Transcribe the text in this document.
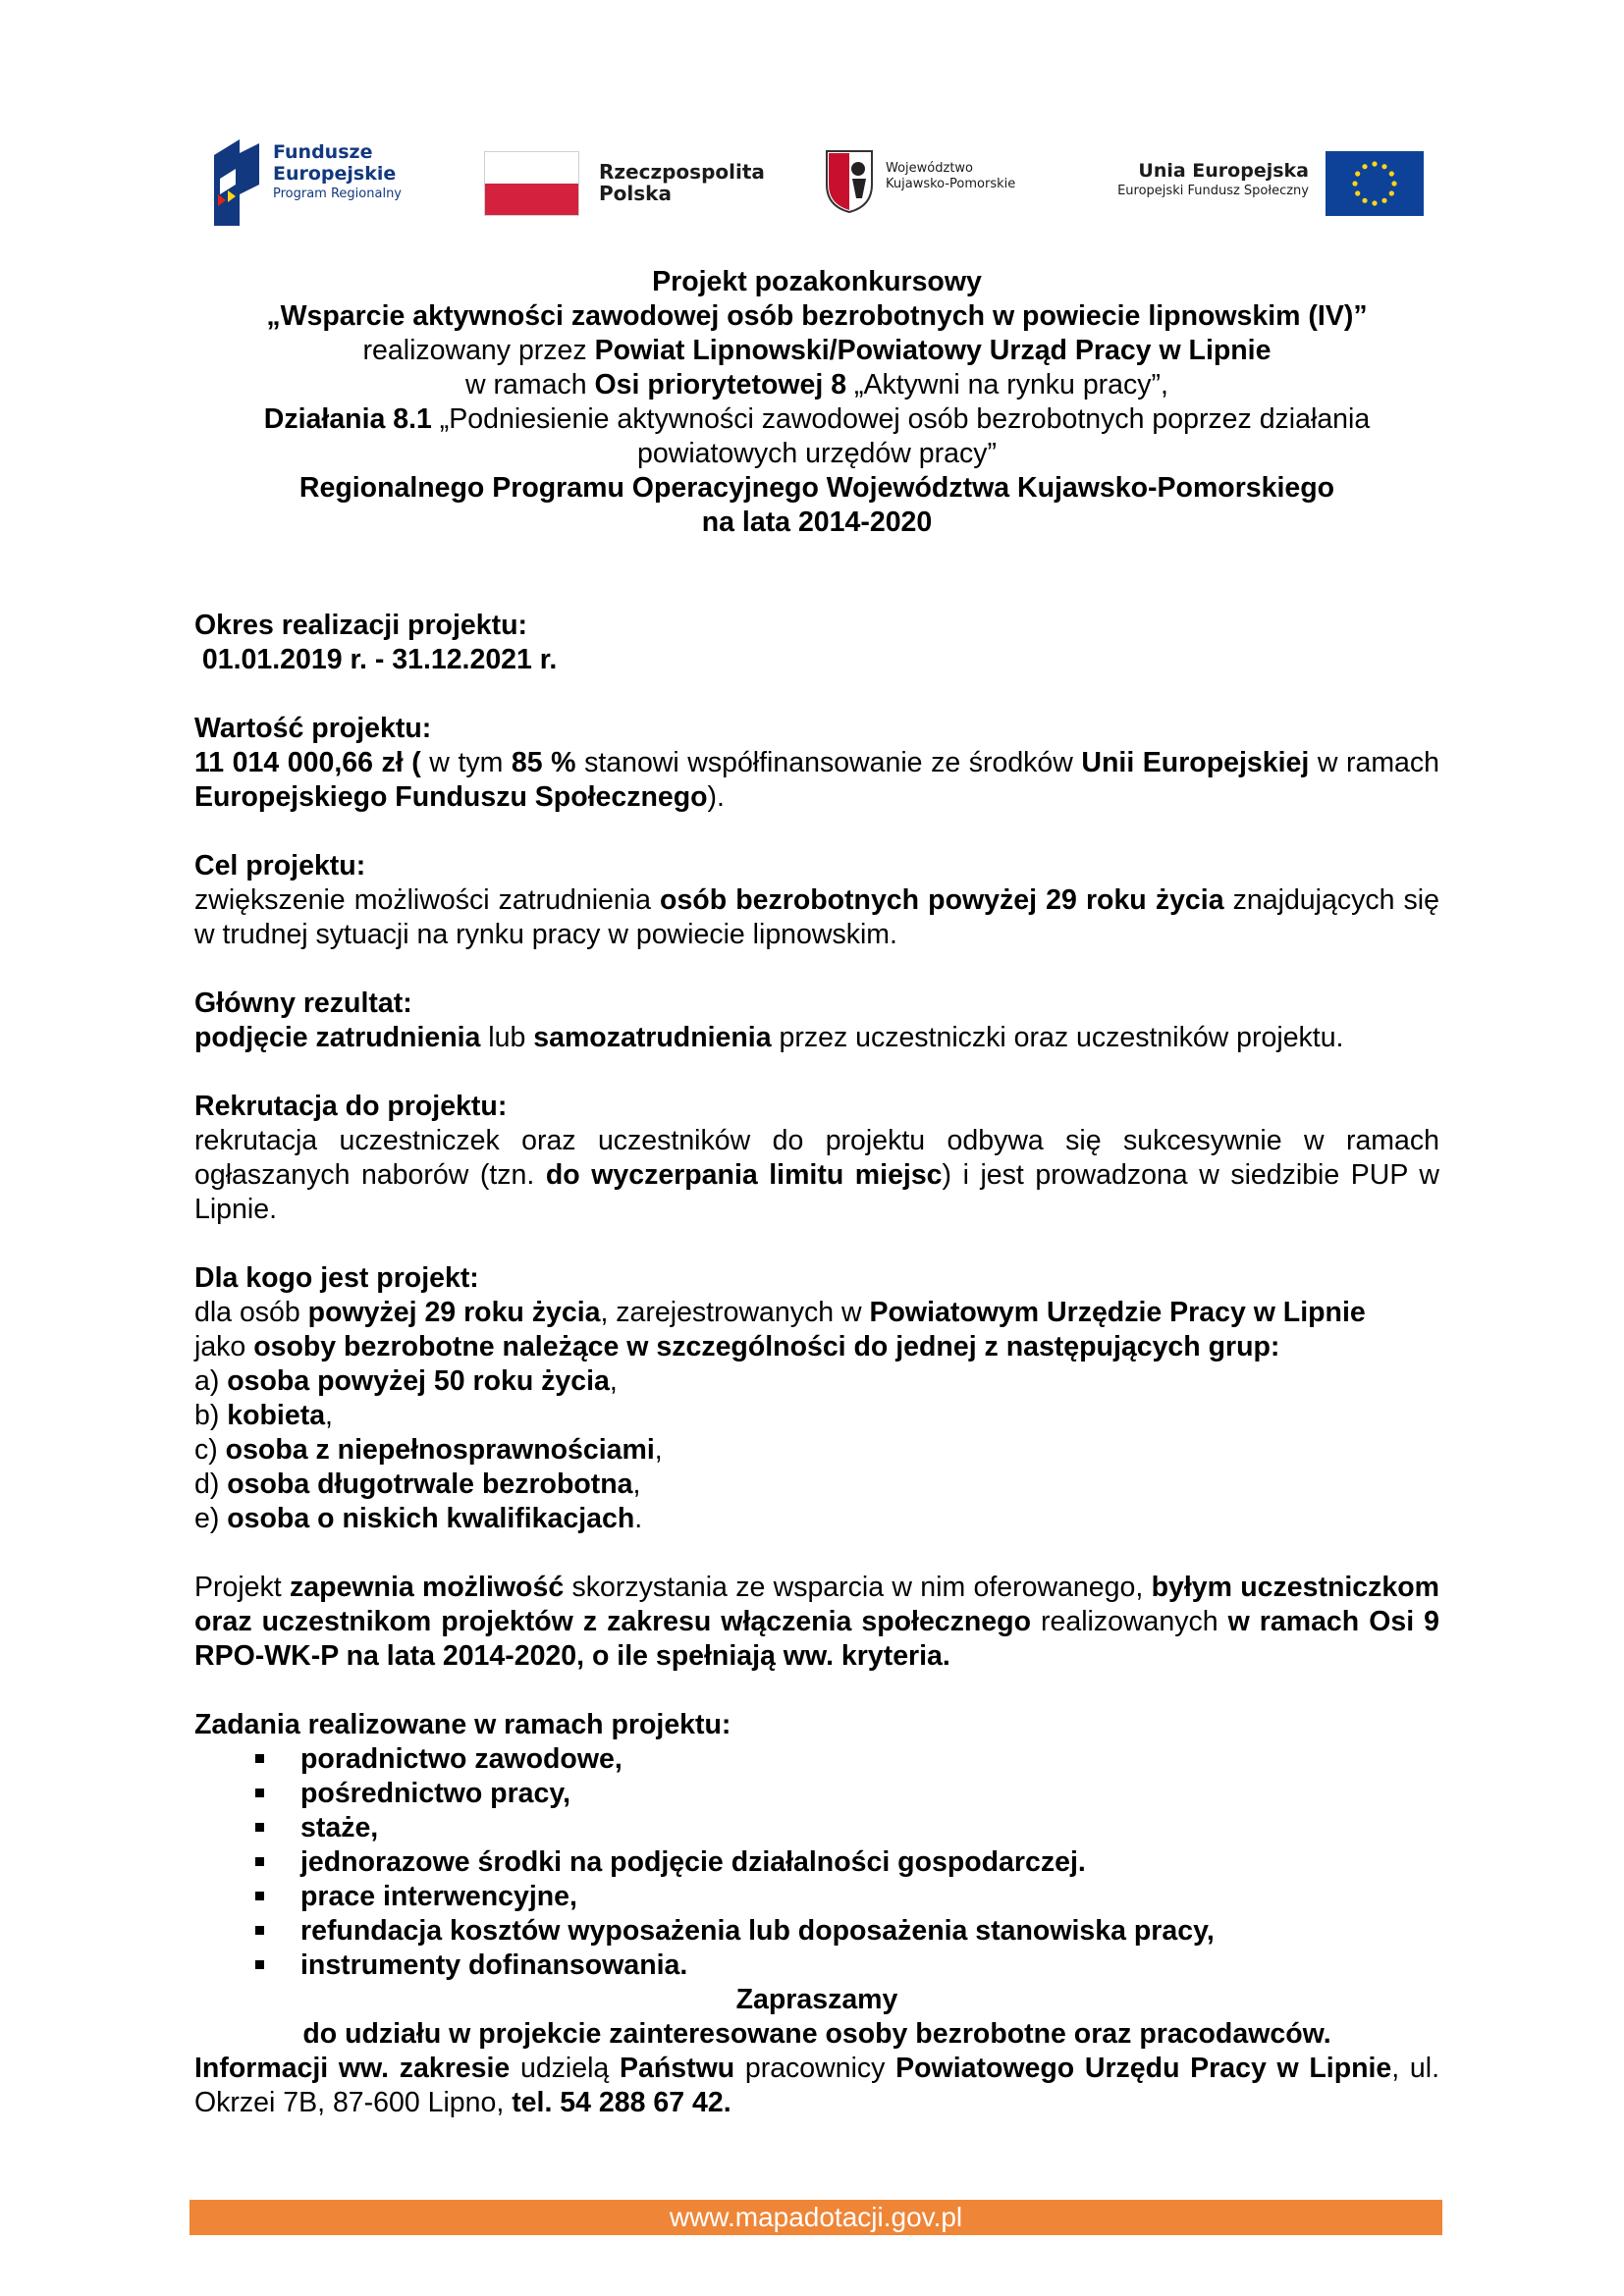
Fundusze
Europejskie
Program Regionalny
Rzeczpospolita
Polska
Województwo
Kujawsko-Pomorskie
Unia Europejska
Europejski Fundusz Społeczny

Projekt pozakonkursowy

„Wsparcie aktywności zawodowej osób bezrobotnych w powiecie lipnowskim (IV)”

realizowany przez Powiat Lipnowski/Powiatowy Urząd Pracy w Lipnie

w ramach Osi priorytetowej 8 „Aktywni na rynku pracy”,

Działania 8.1 „Podniesienie aktywności zawodowej osób bezrobotnych poprzez działania

powiatowych urzędów pracy”

Regionalnego Programu Operacyjnego Województwa Kujawsko-Pomorskiego

na lata 2014-2020

Okres realizacji projektu:

01.01.2019 r. - 31.12.2021 r.

Wartość projektu:

11 014 000,66 zł ( w tym 85 % stanowi współfinansowanie ze środków Unii Europejskiej w ramach Europejskiego Funduszu Społecznego).

Cel projektu:

zwiększenie możliwości zatrudnienia osób bezrobotnych powyżej 29 roku życia znajdujących się w trudnej sytuacji na rynku pracy w powiecie lipnowskim.

Główny rezultat:

podjęcie zatrudnienia lub samozatrudnienia przez uczestniczki oraz uczestników projektu.

Rekrutacja do projektu:

rekrutacja uczestniczek oraz uczestników do projektu odbywa się sukcesywnie w ramach ogłaszanych naborów (tzn. do wyczerpania limitu miejsc) i jest prowadzona w siedzibie PUP w Lipnie.

Dla kogo jest projekt:

dla osób powyżej 29 roku życia, zarejestrowanych w Powiatowym Urzędzie Pracy w Lipnie

jako osoby bezrobotne należące w szczególności do jednej z następujących grup:

a) osoba powyżej 50 roku życia,

b) kobieta,

c) osoba z niepełnosprawnościami,

d) osoba długotrwale bezrobotna,

e) osoba o niskich kwalifikacjach.

Projekt zapewnia możliwość skorzystania ze wsparcia w nim oferowanego, byłym uczestniczkom oraz uczestnikom projektów z zakresu włączenia społecznego realizowanych w ramach Osi 9 RPO-WK-P na lata 2014-2020, o ile spełniają ww. kryteria.

Zadania realizowane w ramach projektu:

poradnictwo zawodowe,
pośrednictwo pracy,
staże,
jednorazowe środki na podjęcie działalności gospodarczej.
prace interwencyjne,
refundacja kosztów wyposażenia lub doposażenia stanowiska pracy,
instrumenty dofinansowania.

Zapraszamy

do udziału w projekcie zainteresowane osoby bezrobotne oraz pracodawców.

Informacji ww. zakresie udzielą Państwu pracownicy Powiatowego Urzędu Pracy w Lipnie, ul. Okrzei 7B, 87-600 Lipno, tel. 54 288 67 42.

www.mapadotacji.gov.pl
